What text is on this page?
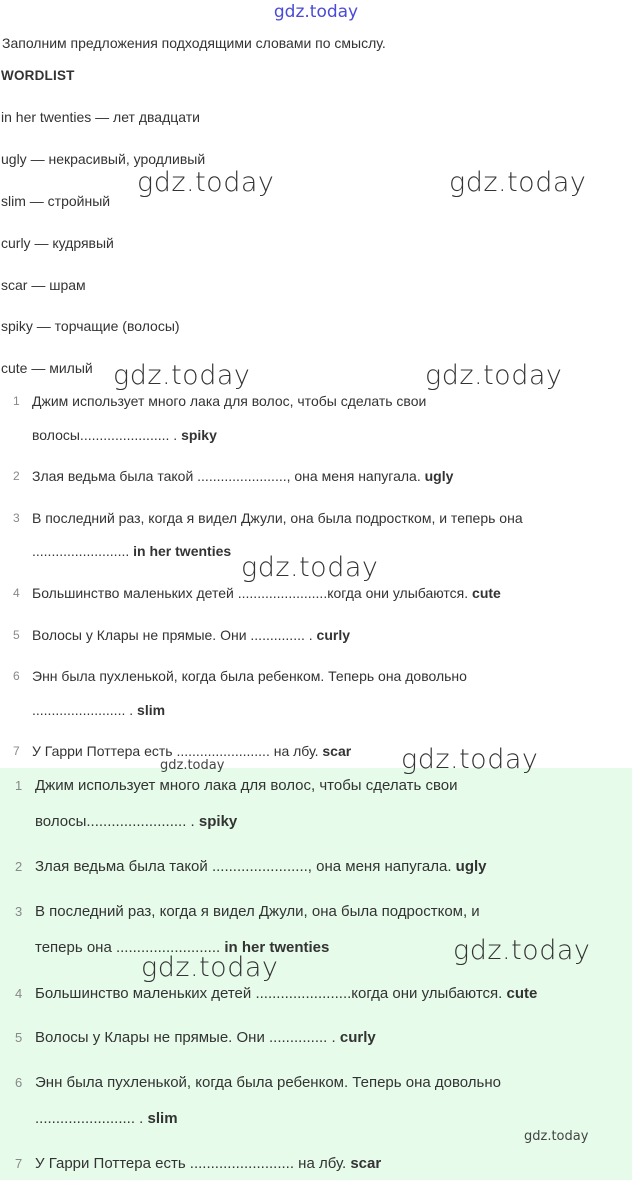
gdz.today
Заполним предложения подходящими словами по смыслу.
WORDLIST
in her twenties — лет двадцати
ugly — некрасивый, уродливый
slim — стройный
curly — кудрявый
scar — шрам
spiky — торчащие (волосы)
cute — милый
1 Джим использует много лака для волос, чтобы сделать свои
волосы....................... . spiky
2 Злая ведьма была такой ......................., она меня напугала. ugly
3 В последний раз, когда я видел Джули, она была подростком, и теперь она
......................... in her twenties
4 Большинство маленьких детей .......................когда они улыбаются. cute
5 Волосы у Клары не прямые. Они .............. . curly
6 Энн была пухленькой, когда была ребенком. Теперь она довольно
........................ . slim
7 У Гарри Поттера есть ........................ на лбу. scar
1 Джим использует много лака для волос, чтобы сделать свои
волосы........................ . spiky
2 Злая ведьма была такой ......................., она меня напугала. ugly
3 В последний раз, когда я видел Джули, она была подростком, и
теперь она ......................... in her twenties
4 Большинство маленьких детей .......................когда они улыбаются. cute
5 Волосы у Клары не прямые. Они .............. . curly
6 Энн была пухленькой, когда была ребенком. Теперь она довольно
........................ . slim
7 У Гарри Поттера есть ......................... на лбу. scar
gdz.today	gdz.today
gdz.today	gdz.today
gdz.today
gdz.today
gdz.today
gdz.today
gdz.today
gdz.today
